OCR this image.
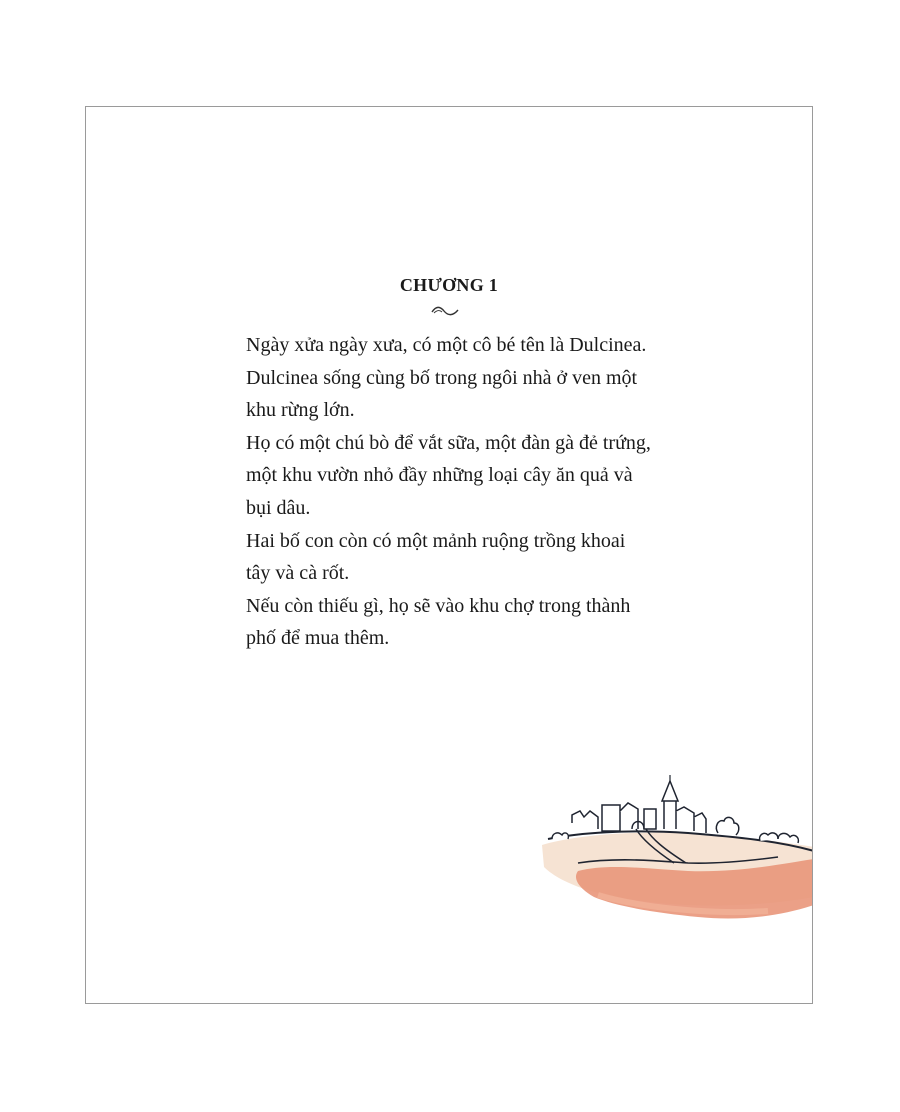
CHƯƠNG 1

Ngày xửa ngày xưa, có một cô bé tên là Dulcinea.

Dulcinea sống cùng bố trong ngôi nhà ở ven một

khu rừng lớn.

Họ có một chú bò để vắt sữa, một đàn gà đẻ trứng,

một khu vườn nhỏ đầy những loại cây ăn quả và

bụi dâu.

Hai bố con còn có một mảnh ruộng trồng khoai

tây và cà rốt.

Nếu còn thiếu gì, họ sẽ vào khu chợ trong thành

phố để mua thêm.
